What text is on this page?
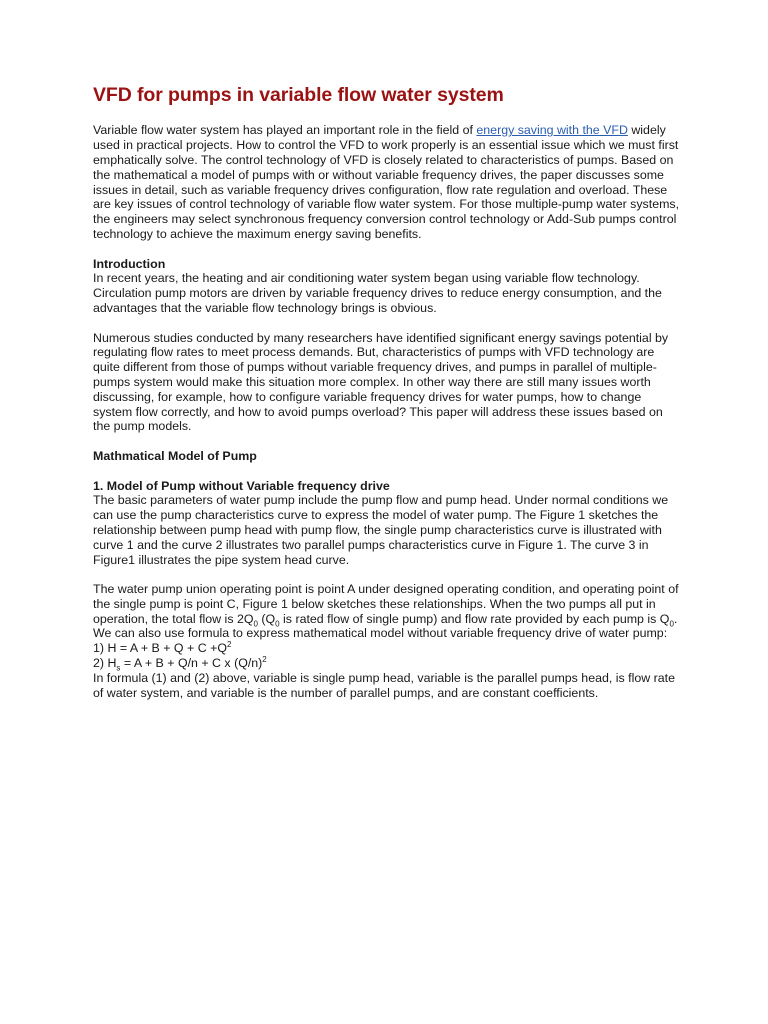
VFD for pumps in variable flow water system

Variable flow water system has played an important role in the field of energy saving with the VFD widely used in practical projects. How to control the VFD to work properly is an essential issue which we must first emphatically solve. The control technology of VFD is closely related to characteristics of pumps. Based on the mathematical a model of pumps with or without variable frequency drives, the paper discusses some issues in detail, such as variable frequency drives configuration, flow rate regulation and overload. These are key issues of control technology of variable flow water system. For those multiple-pump water systems, the engineers may select synchronous frequency conversion control technology or Add-Sub pumps control technology to achieve the maximum energy saving benefits.

Introduction

In recent years, the heating and air conditioning water system began using variable flow technology. Circulation pump motors are driven by variable frequency drives to reduce energy consumption, and the advantages that the variable flow technology brings is obvious.

Numerous studies conducted by many researchers have identified significant energy savings potential by regulating flow rates to meet process demands. But, characteristics of pumps with VFD technology are quite different from those of pumps without variable frequency drives, and pumps in parallel of multiple-pumps system would make this situation more complex. In other way there are still many issues worth discussing, for example, how to configure variable frequency drives for water pumps, how to change system flow correctly, and how to avoid pumps overload? This paper will address these issues based on the pump models.

Mathmatical Model of Pump

1. Model of Pump without Variable frequency drive

The basic parameters of water pump include the pump flow and pump head. Under normal conditions we can use the pump characteristics curve to express the model of water pump. The Figure 1 sketches the relationship between pump head with pump flow, the single pump characteristics curve is illustrated with curve 1 and the curve 2 illustrates two parallel pumps characteristics curve in Figure 1. The curve 3 in Figure1 illustrates the pipe system head curve.

The water pump union operating point is point A under designed operating condition, and operating point of the single pump is point C, Figure 1 below sketches these relationships. When the two pumps all put in operation, the total flow is $2Q_0$ ($Q_0$ is rated flow of single pump) and flow rate provided by each pump is $Q_0$. We can also use formula to express mathematical model without variable frequency drive of water pump:

1) $H = A + B + Q + C +Q^2$

2) $H_s = A + B + Q/n + C$ x $(Q/n)^2$

In formula (1) and (2) above, variable is single pump head, variable is the parallel pumps head, is flow rate of water system, and variable is the number of parallel pumps, and are constant coefficients.
